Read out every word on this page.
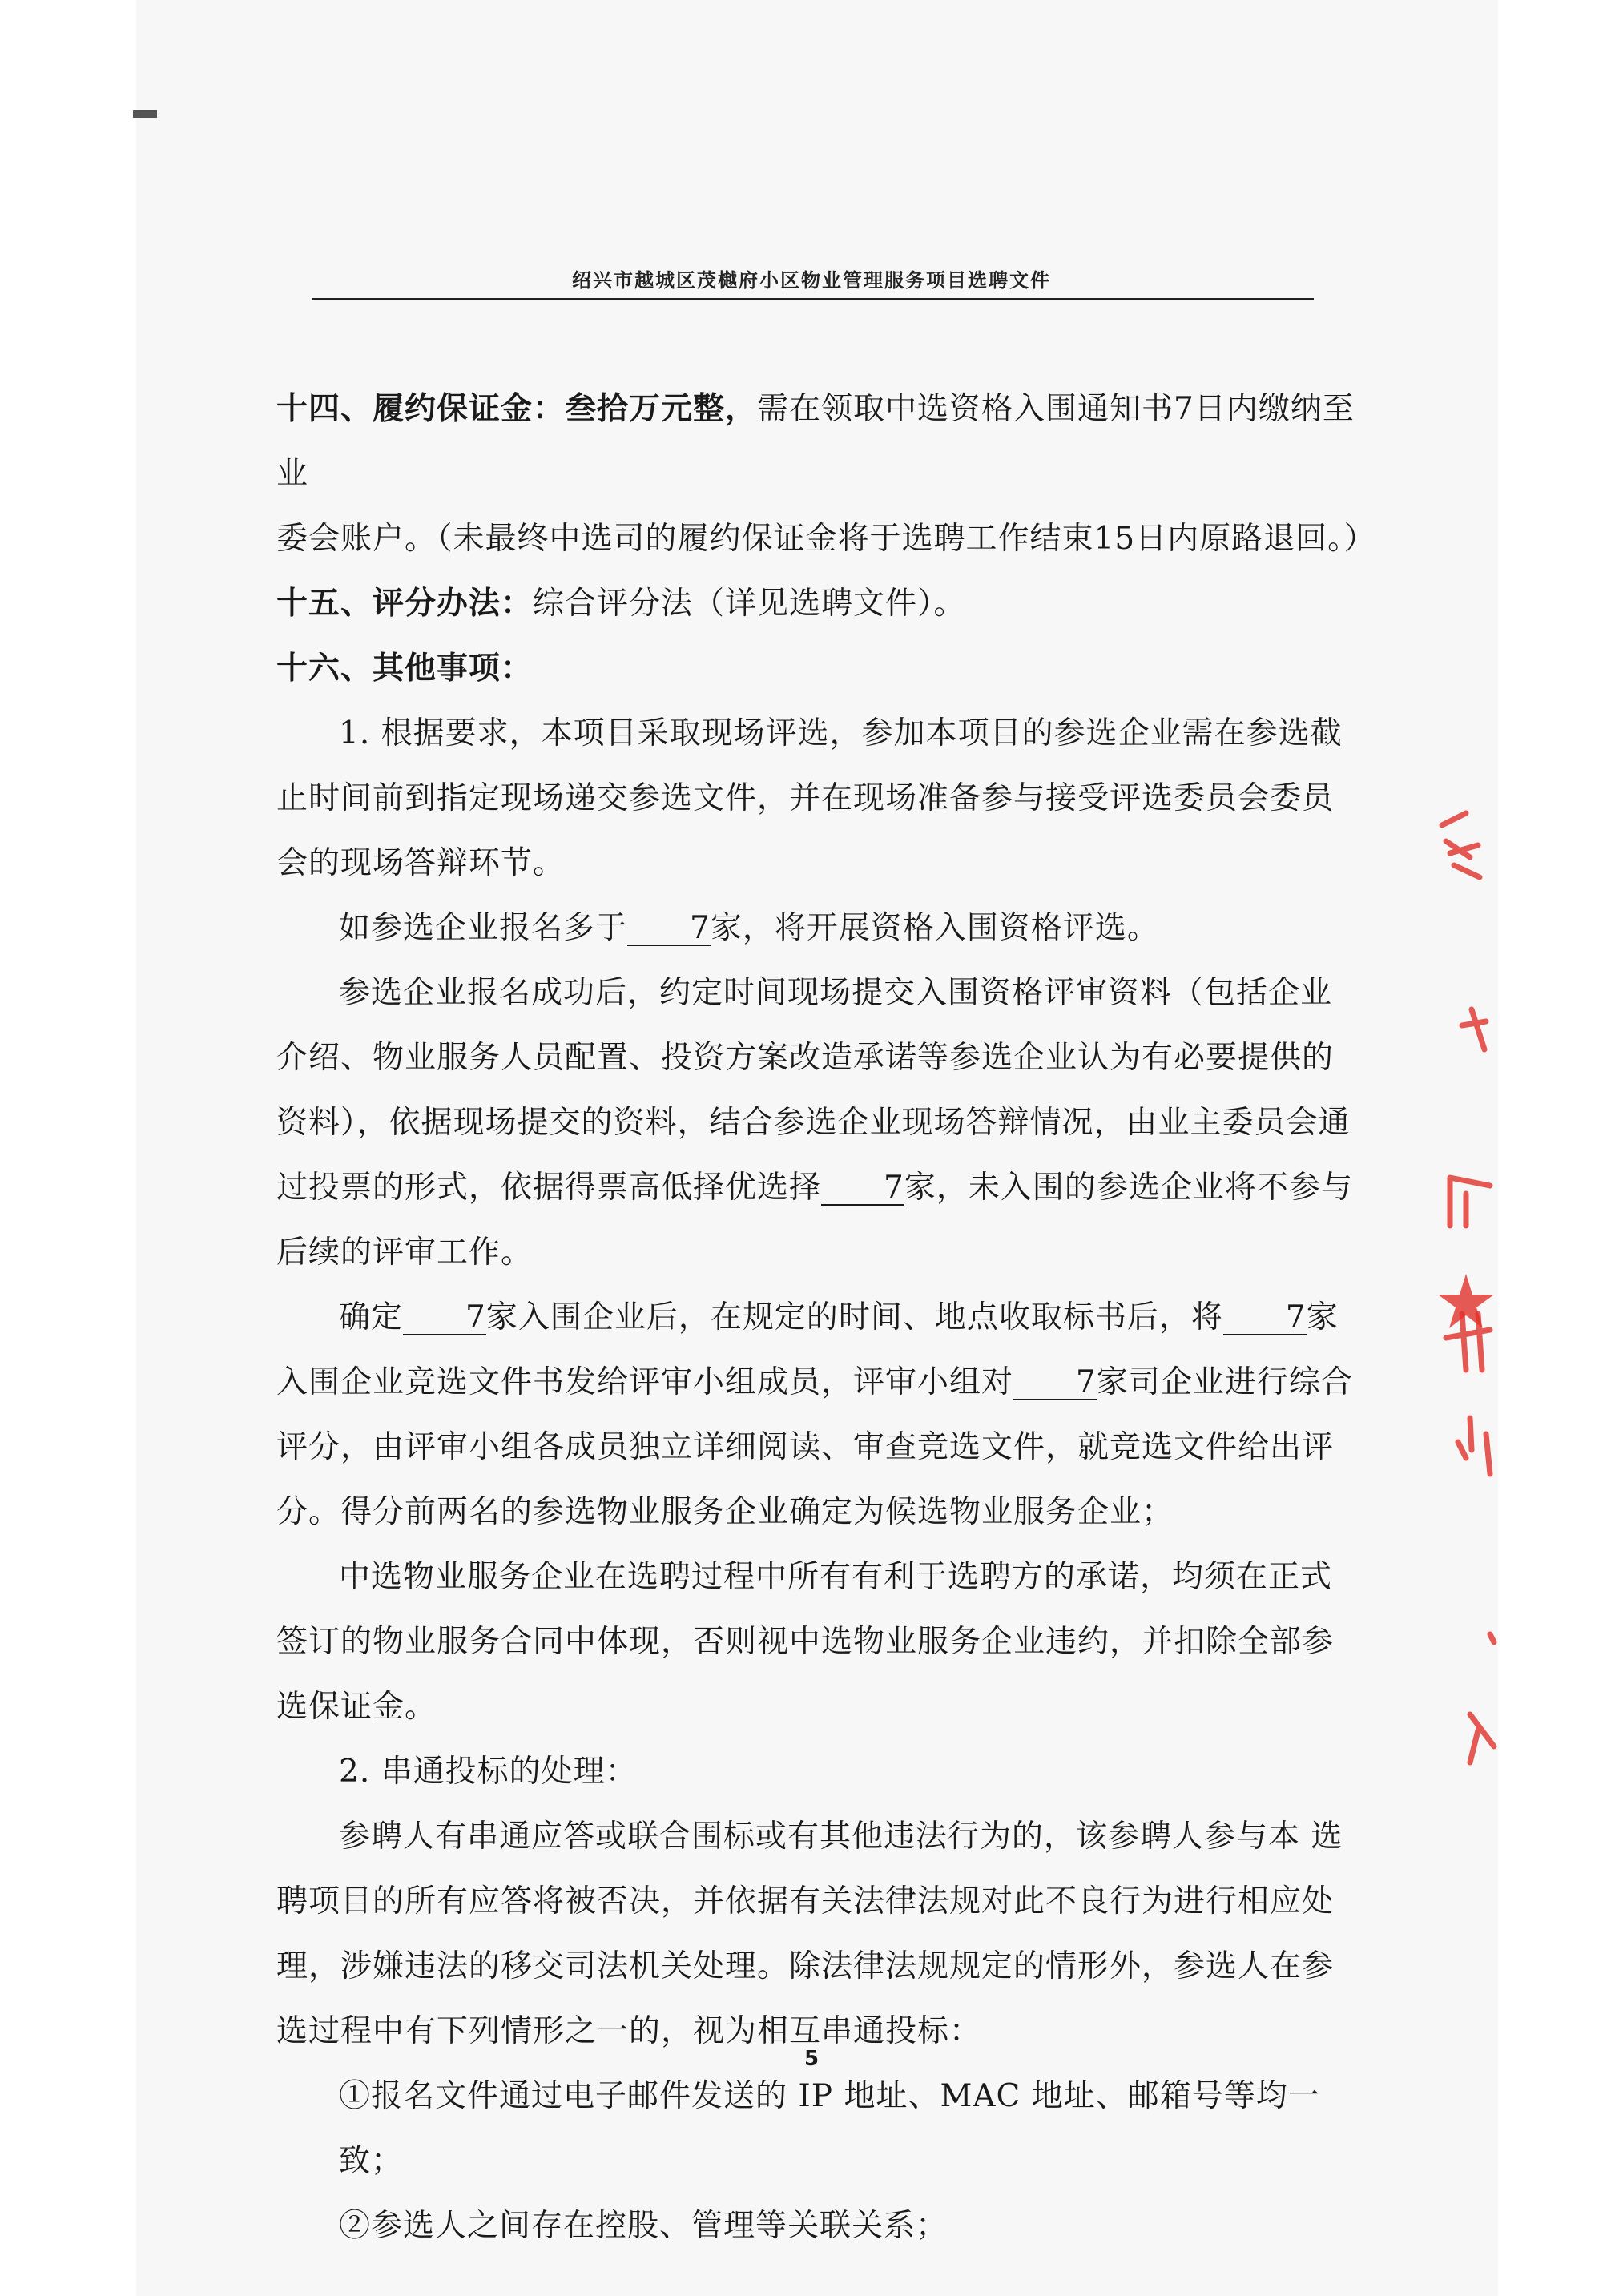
绍兴市越城区茂樾府小区物业管理服务项目选聘文件

十四、履约保证金：叁拾万元整，需在领取中选资格入围通知书7日内缴纳至业

委会账户。（未最终中选司的履约保证金将于选聘工作结束15日内原路退回。）

十五、评分办法：综合评分法（详见选聘文件）。

十六、其他事项：

1. 根据要求，本项目采取现场评选，参加本项目的参选企业需在参选截止时间前到指定现场递交参选文件，并在现场准备参与接受评选委员会委员会的现场答辩环节。

如参选企业报名多于 7家，将开展资格入围资格评选。

参选企业报名成功后，约定时间现场提交入围资格评审资料（包括企业介绍、物业服务人员配置、投资方案改造承诺等参选企业认为有必要提供的资料），依据现场提交的资料，结合参选企业现场答辩情况，由业主委员会通过投票的形式，依据得票高低择优选择 7家，未入围的参选企业将不参与后续的评审工作。

确定 7家入围企业后，在规定的时间、地点收取标书后，将 7家入围企业竞选文件书发给评审小组成员，评审小组对 7家司企业进行综合评分，由评审小组各成员独立详细阅读、审查竞选文件，就竞选文件给出评分。得分前两名的参选物业服务企业确定为候选物业服务企业；

中选物业服务企业在选聘过程中所有有利于选聘方的承诺，均须在正式签订的物业服务合同中体现，否则视中选物业服务企业违约，并扣除全部参选保证金。

2. 串通投标的处理：

参聘人有串通应答或联合围标或有其他违法行为的，该参聘人参与本 选聘项目的所有应答将被否决，并依据有关法律法规对此不良行为进行相应处理，涉嫌违法的移交司法机关处理。除法律法规规定的情形外，参选人在参选过程中有下列情形之一的，视为相互串通投标：

①报名文件通过电子邮件发送的 IP 地址、MAC 地址、邮箱号等均一致；

②参选人之间存在控股、管理等关联关系；

5
